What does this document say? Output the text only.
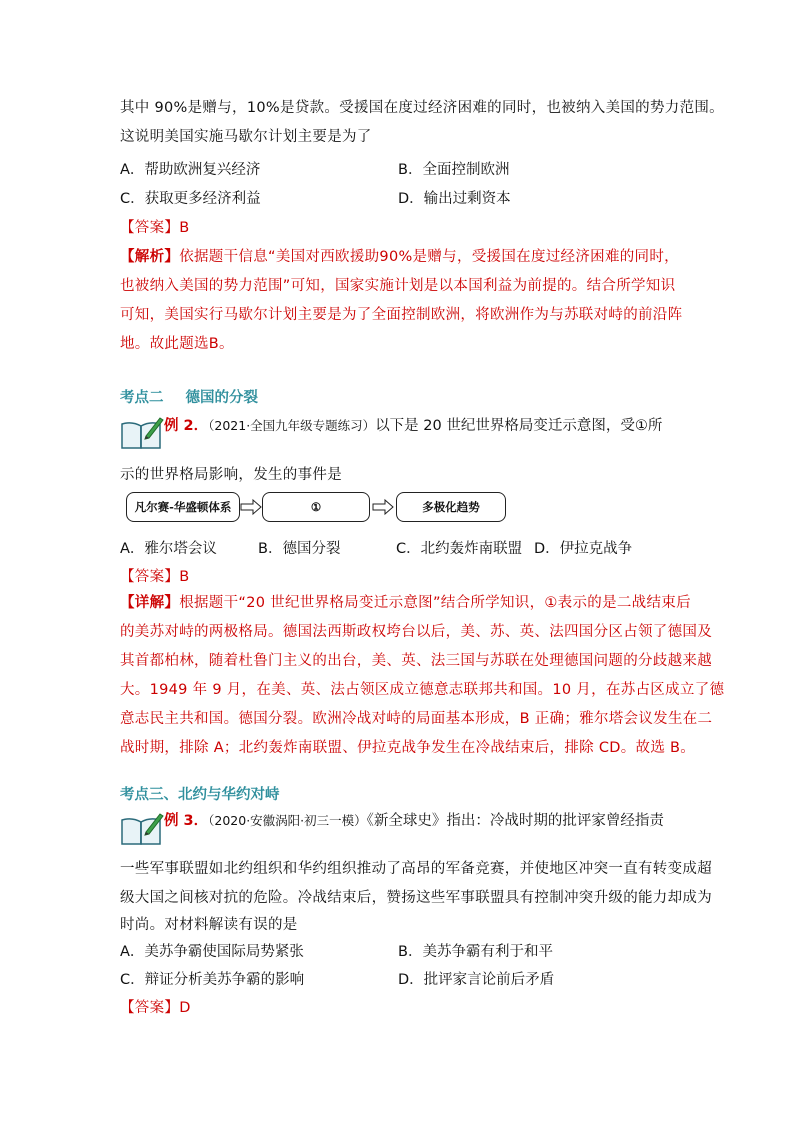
其中 90%是赠与，10%是贷款。受援国在度过经济困难的同时，也被纳入美国的势力范围。
这说明美国实施马歇尔计划主要是为了
A．帮助欧洲复兴经济	B．全面控制欧洲
C．获取更多经济利益	D．输出过剩资本
【答案】B
【解析】依据题干信息“美国对西欧援助90%是赠与，受援国在度过经济困难的同时，
也被纳入美国的势力范围”可知，国家实施计划是以本国利益为前提的。结合所学知识
可知，美国实行马歇尔计划主要是为了全面控制欧洲，将欧洲作为与苏联对峙的前沿阵
地。故此题选B。
考点二 德国的分裂
例 2．（2021·全国九年级专题练习）以下是 20 世纪世界格局变迁示意图，受①所
示的世界格局影响，发生的事件是
凡尔赛-华盛顿体系	①	多极化趋势
A．雅尔塔会议	B．德国分裂	C．北约轰炸南联盟 D．伊拉克战争
【答案】B
【详解】根据题干“20 世纪世界格局变迁示意图”结合所学知识，①表示的是二战结束后
的美苏对峙的两极格局。德国法西斯政权垮台以后，美、苏、英、法四国分区占领了德国及
其首都柏林，随着杜鲁门主义的出台，美、英、法三国与苏联在处理德国问题的分歧越来越
大。1949 年 9 月，在美、英、法占领区成立德意志联邦共和国。10 月，在苏占区成立了德
意志民主共和国。德国分裂。欧洲冷战对峙的局面基本形成，B 正确；雅尔塔会议发生在二
战时期，排除 A；北约轰炸南联盟、伊拉克战争发生在冷战结束后，排除 CD。故选 B。
考点三、北约与华约对峙
例 3．（2020·安徽涡阳·初三一模）《新全球史》指出：冷战时期的批评家曾经指责
一些军事联盟如北约组织和华约组织推动了高昂的军备竞赛，并使地区冲突一直有转变成超
级大国之间核对抗的危险。冷战结束后，赞扬这些军事联盟具有控制冲突升级的能力却成为
时尚。对材料解读有误的是
A．美苏争霸使国际局势紧张	B．美苏争霸有利于和平
C．辩证分析美苏争霸的影响	D．批评家言论前后矛盾
【答案】D
